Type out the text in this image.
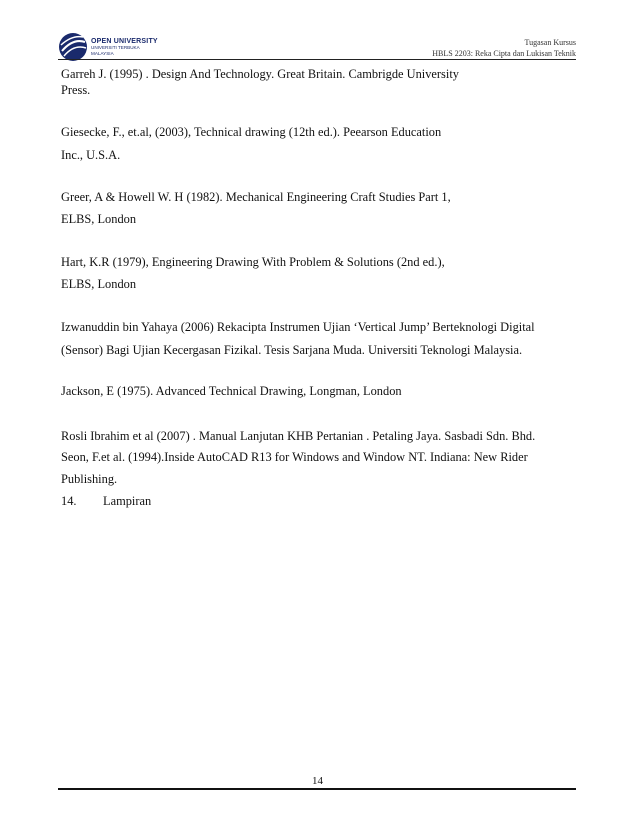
OPEN UNIVERSITY
UNIVERSITI TERBUKA
MALAYSIA
Tugasan Kursus
HBLS 2203: Reka Cipta dan Lukisan Teknik
Garreh J. (1995) . Design And Technology. Great Britain. Cambrigde University
Press.
Giesecke, F., et.al, (2003), Technical drawing (12th ed.). Peearson Education
Inc., U.S.A.
Greer, A & Howell W. H (1982). Mechanical Engineering Craft Studies Part 1,
ELBS, London
Hart, K.R (1979), Engineering Drawing With Problem & Solutions (2nd ed.),
ELBS, London
Izwanuddin bin Yahaya (2006) Rekacipta Instrumen Ujian ‘Vertical Jump’ Berteknologi Digital
(Sensor) Bagi Ujian Kecergasan Fizikal. Tesis Sarjana Muda. Universiti Teknologi Malaysia.
Jackson, E (1975). Advanced Technical Drawing, Longman, London
Rosli Ibrahim et al (2007) . Manual Lanjutan KHB Pertanian . Petaling Jaya. Sasbadi Sdn. Bhd.
Seon, F.et al. (1994).Inside AutoCAD R13 for Windows and Window NT. Indiana: New Rider
Publishing.
14. Lampiran
14
